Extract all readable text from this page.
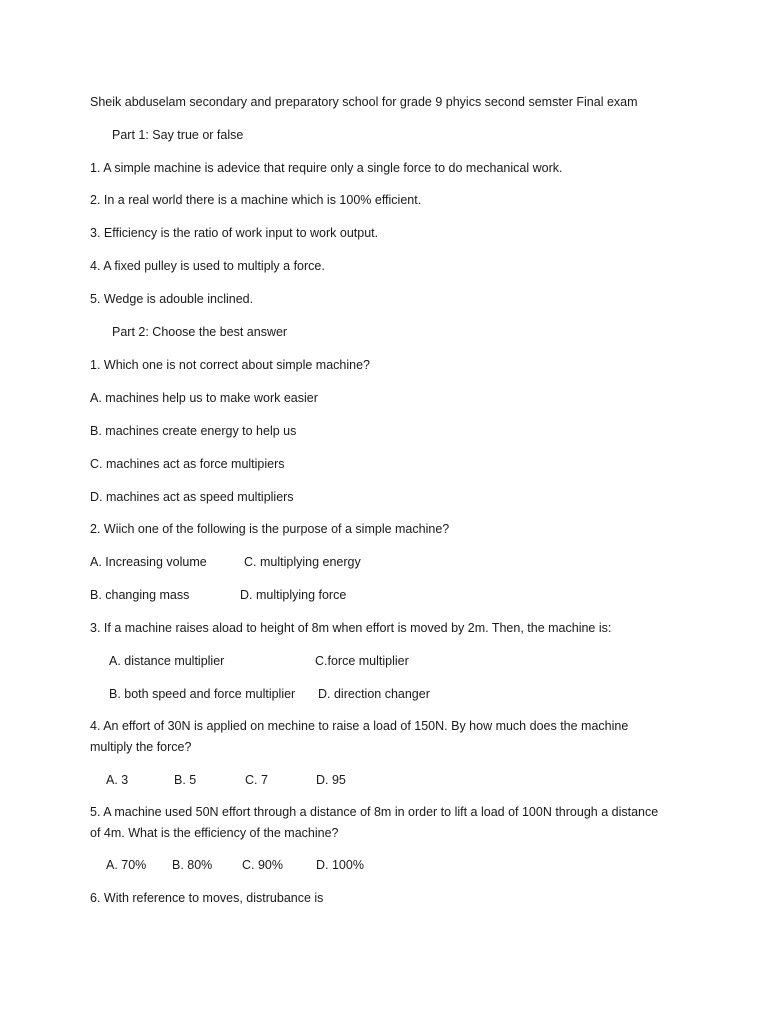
Sheik abduselam secondary and preparatory school for grade 9 phyics second semster Final exam
Part 1: Say true or false
1. A simple machine is adevice that require only a single force to do mechanical work.
2. In a real world there is a machine which is 100% efficient.
3. Efficiency is the ratio of work input to work output.
4. A fixed pulley is used to multiply a force.
5. Wedge is adouble inclined.
Part 2: Choose the best answer
1. Which one is not correct about simple machine?
A. machines help us to make work easier
B. machines create energy to help us
C. machines act as force multipiers
D. machines act as speed multipliers
2. Wiich one of the following is the purpose of a simple machine?
A. Increasing volume	C. multiplying energy
B. changing mass	D. multiplying force
3. If a machine raises aload to height of 8m when effort is moved by 2m. Then, the machine is:
A. distance multiplier	C.force multiplier
B. both speed and force multiplier D. direction changer
4. An effort of 30N is applied on mechine to raise a load of 150N. By how much does the machine
multiply the force?
A. 3	B. 5	C. 7	D. 95
5. A machine used 50N effort through a distance of 8m in order to lift a load of 100N through a distance
of 4m. What is the efficiency of the machine?
A. 70% B. 80% C. 90%	D. 100%
6. With reference to moves, distrubance is
